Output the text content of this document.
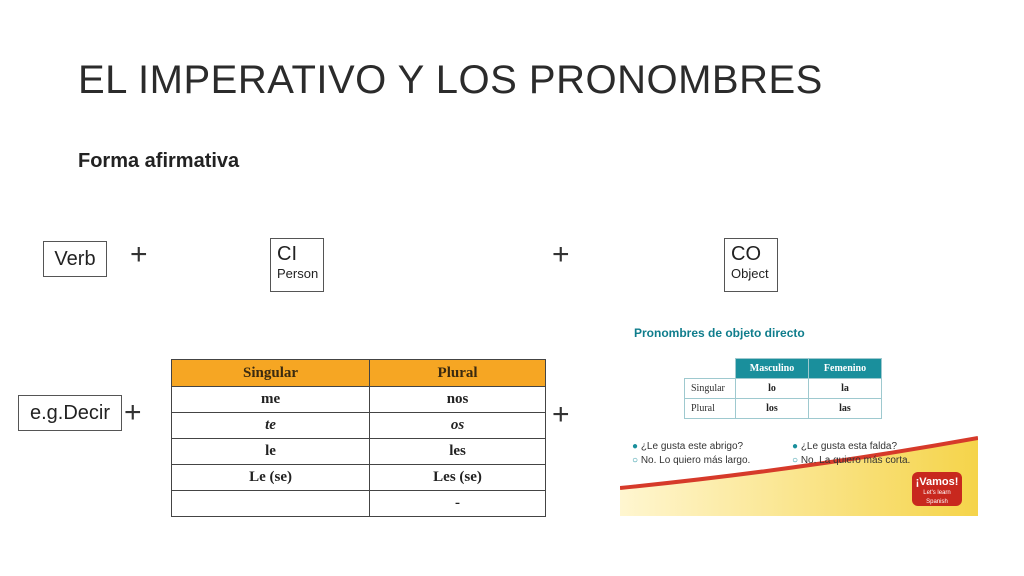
EL IMPERATIVO Y LOS PRONOMBRES
Forma afirmativa
Verb	+	CI
Person
+	CO
Object
e.g.Decir +	+
Singular	Plural
me	nos
te	os
le	les
Le (se)	Les (se)
	-
Pronombres de objeto directo
	Masculino	Femenino
Singular	lo	la
Plural	los	las
● ¿Le gusta este abrigo?
○ No. Lo quiero más largo.
● ¿Le gusta esta falda?
○ No. La quiero más corta.
¡Vamos!
Let's learn Spanish
